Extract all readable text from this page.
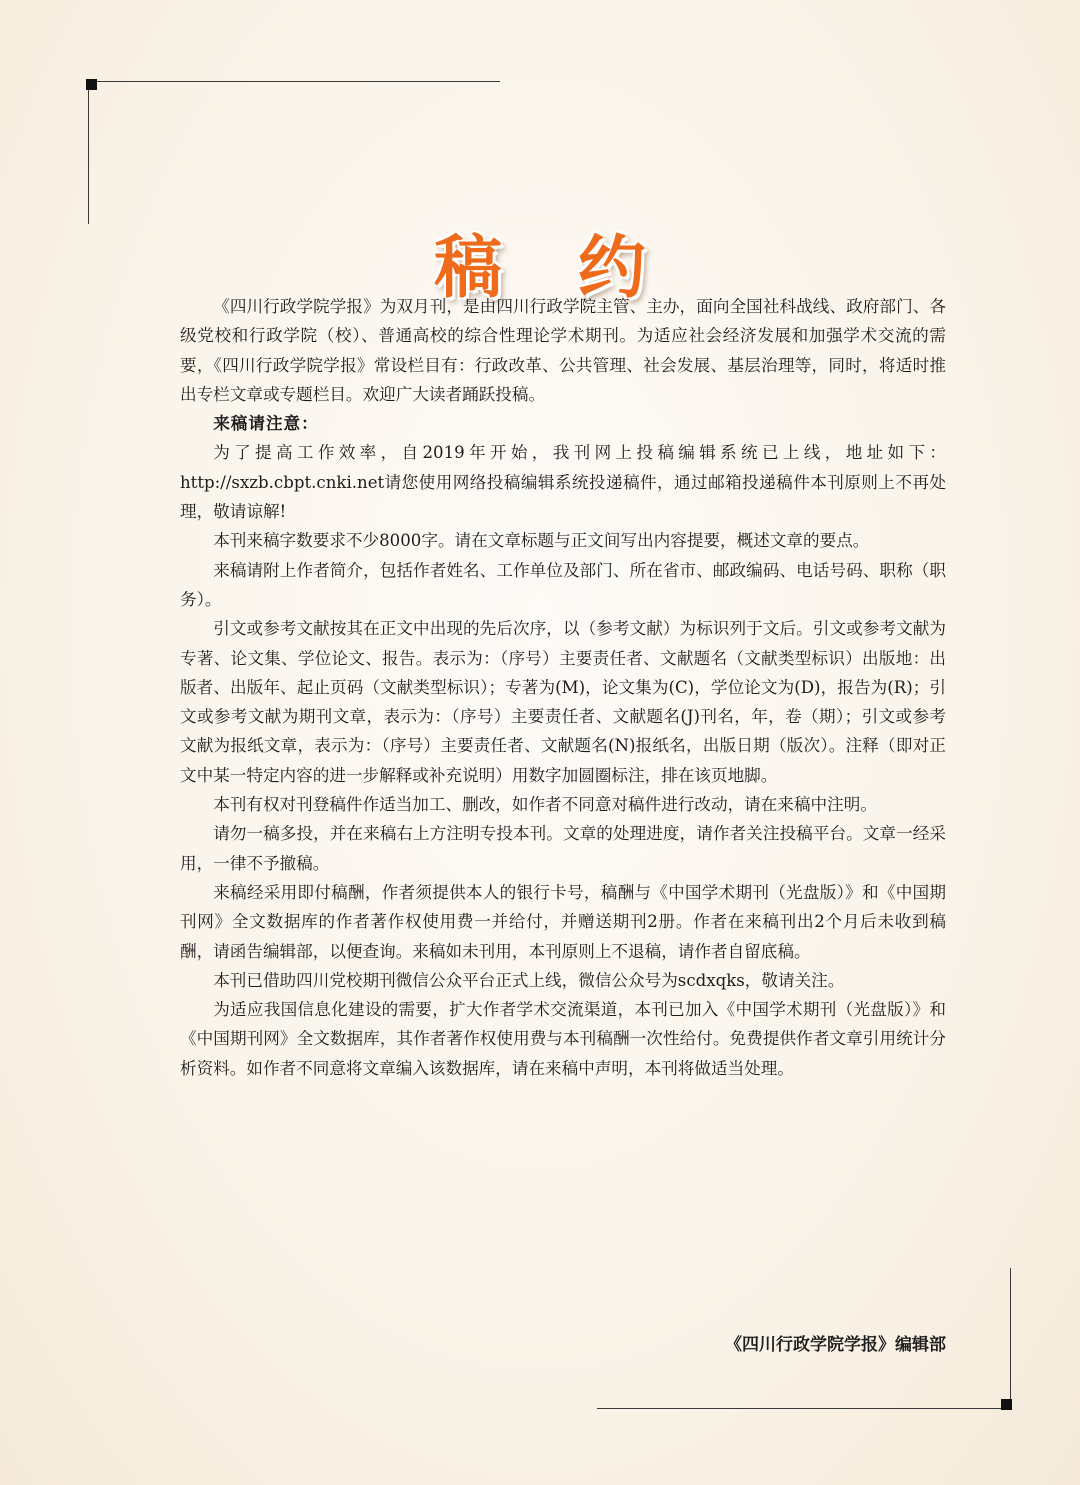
稿 约

《四川行政学院学报》为双月刊，是由四川行政学院主管、主办，面向全国社科战线、政府部门、各级党校和行政学院（校）、普通高校的综合性理论学术期刊。为适应社会经济发展和加强学术交流的需要，《四川行政学院学报》常设栏目有：行政改革、公共管理、社会发展、基层治理等，同时，将适时推出专栏文章或专题栏目。欢迎广大读者踊跃投稿。

来稿请注意：

为了提高工作效率，自2019年开始，我刊网上投稿编辑系统已上线，地址如下：http://sxzb.cbpt.cnki.net请您使用网络投稿编辑系统投递稿件，通过邮箱投递稿件本刊原则上不再处理，敬请谅解!

本刊来稿字数要求不少8000字。请在文章标题与正文间写出内容提要，概述文章的要点。

来稿请附上作者简介，包括作者姓名、工作单位及部门、所在省市、邮政编码、电话号码、职称（职务）。

引文或参考文献按其在正文中出现的先后次序，以（参考文献）为标识列于文后。引文或参考文献为专著、论文集、学位论文、报告。表示为：（序号）主要责任者、文献题名（文献类型标识）出版地：出版者、出版年、起止页码（文献类型标识）；专著为(M)，论文集为(C)，学位论文为(D)，报告为(R)；引文或参考文献为期刊文章，表示为：（序号）主要责任者、文献题名(J)刊名，年，卷（期）；引文或参考文献为报纸文章，表示为：（序号）主要责任者、文献题名(N)报纸名，出版日期（版次）。注释（即对正文中某一特定内容的进一步解释或补充说明）用数字加圆圈标注，排在该页地脚。

本刊有权对刊登稿件作适当加工、删改，如作者不同意对稿件进行改动，请在来稿中注明。

请勿一稿多投，并在来稿右上方注明专投本刊。文章的处理进度，请作者关注投稿平台。文章一经采用，一律不予撤稿。

来稿经采用即付稿酬，作者须提供本人的银行卡号，稿酬与《中国学术期刊（光盘版）》和《中国期刊网》全文数据库的作者著作权使用费一并给付，并赠送期刊2册。作者在来稿刊出2个月后未收到稿酬，请函告编辑部，以便查询。来稿如未刊用，本刊原则上不退稿，请作者自留底稿。

本刊已借助四川党校期刊微信公众平台正式上线，微信公众号为scdxqks，敬请关注。

为适应我国信息化建设的需要，扩大作者学术交流渠道，本刊已加入《中国学术期刊（光盘版）》和《中国期刊网》全文数据库，其作者著作权使用费与本刊稿酬一次性给付。免费提供作者文章引用统计分析资料。如作者不同意将文章编入该数据库，请在来稿中声明，本刊将做适当处理。

《四川行政学院学报》编辑部
